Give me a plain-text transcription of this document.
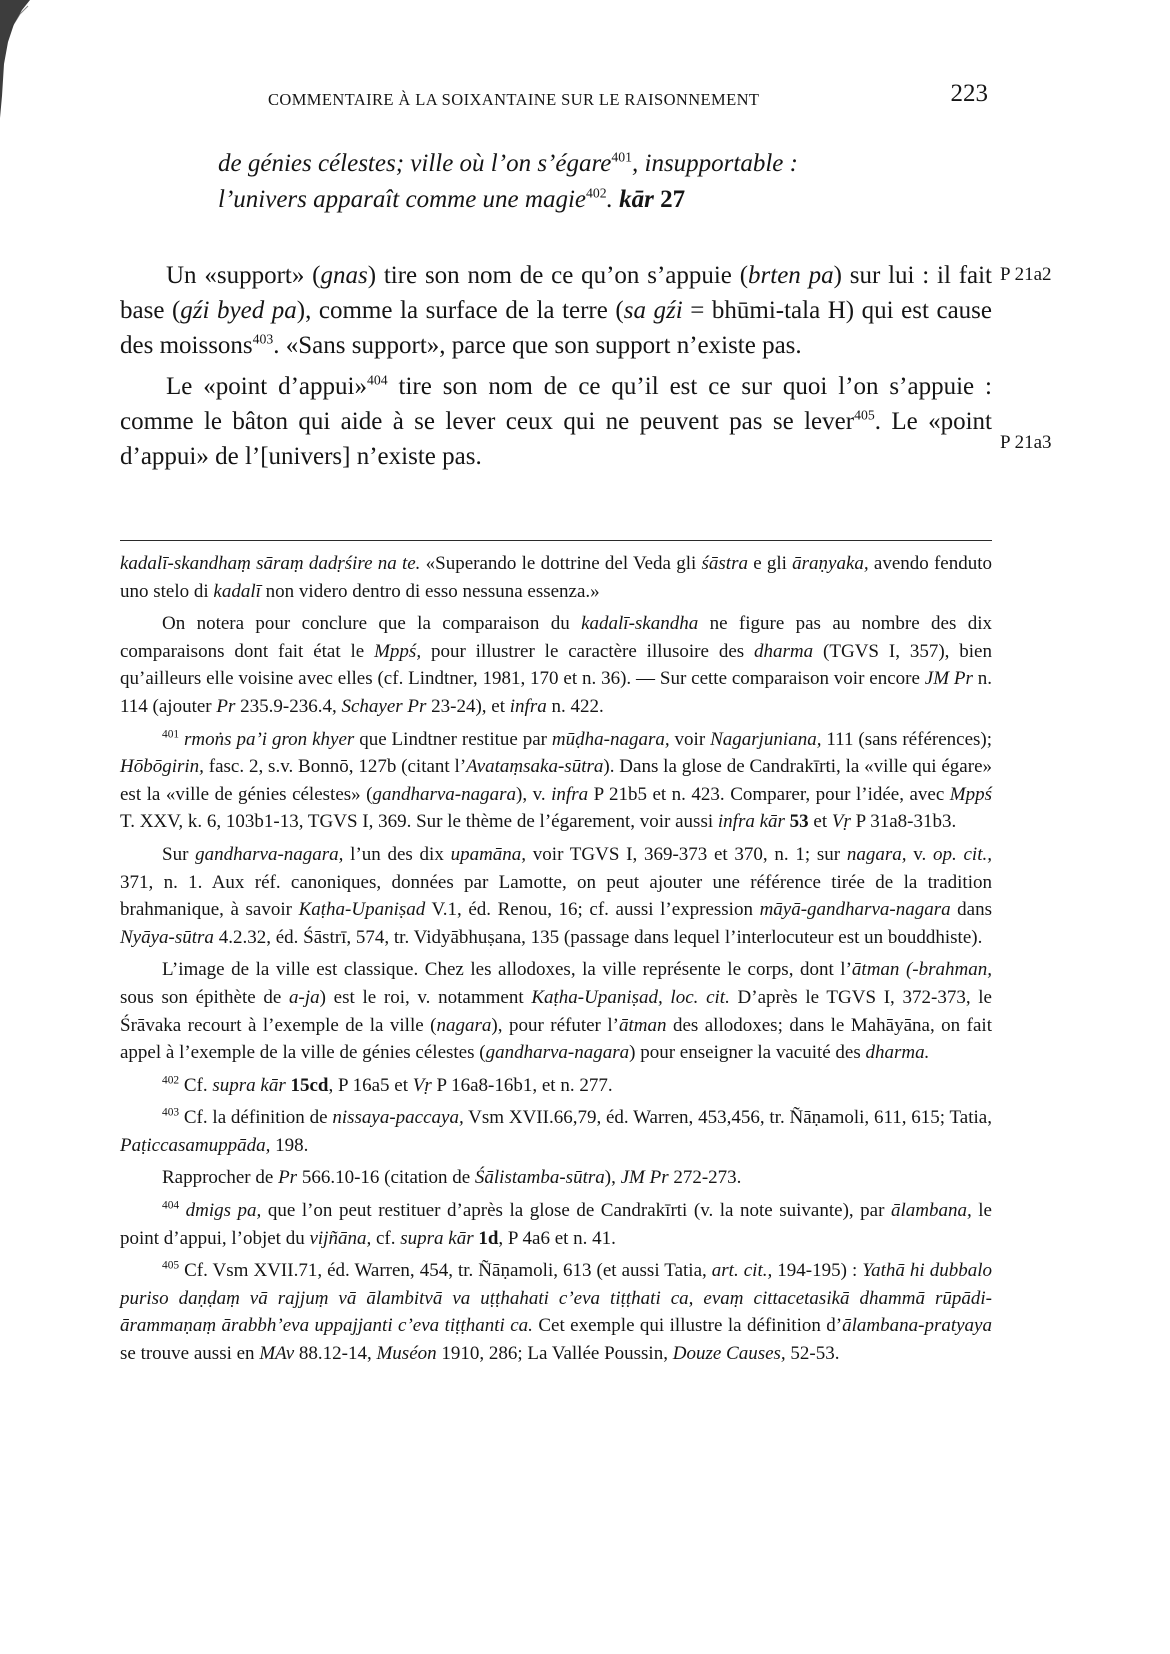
COMMENTAIRE À LA SOIXANTAINE SUR LE RAISONNEMENT	223

de génies célestes; ville où l’on s’égare$^{401}$, insupportable :

l’univers apparaît comme une magie$^{402}$. kār 27

Un «support» (gnas) tire son nom de ce qu’on s’appuie (brten pa) sur lui : il fait base (gźi byed pa), comme la surface de la terre (sa gźi = bhūmi-tala H) qui est cause des moissons$^{403}$. «Sans support», parce que son support n’existe pas.

Le «point d’appui»$^{404}$ tire son nom de ce qu’il est ce sur quoi l’on s’appuie : comme le bâton qui aide à se lever ceux qui ne peuvent pas se lever$^{405}$. Le «point d’appui» de l’[univers] n’existe pas.

P 21a2
P 21a3

kadalī-skandhaṃ sāraṃ dadṛśire na te. «Superando le dottrine del Veda gli śāstra e gli āraṇyaka, avendo fenduto uno stelo di kadalī non videro dentro di esso nessuna essenza.»

On notera pour conclure que la comparaison du kadalī-skandha ne figure pas au nombre des dix comparaisons dont fait état le Mppś, pour illustrer le caractère illusoire des dharma (TGVS I, 357), bien qu’ailleurs elle voisine avec elles (cf. Lindtner, 1981, 170 et n. 36). — Sur cette comparaison voir encore JM Pr n. 114 (ajouter Pr 235.9-236.4, Schayer Pr 23-24), et infra n. 422.

$^{401}$ rmoṅs pa’i gron khyer que Lindtner restitue par mūḍha-nagara, voir Nagarjuniana, 111 (sans références); Hōbōgirin, fasc. 2, s.v. Bonnō, 127b (citant l’Avataṃsaka-sūtra). Dans la glose de Candrakīrti, la «ville qui égare» est la «ville de génies célestes» (gandharva-nagara), v. infra P 21b5 et n. 423. Comparer, pour l’idée, avec Mppś T. XXV, k. 6, 103b1-13, TGVS I, 369. Sur le thème de l’égarement, voir aussi infra kār 53 et Vṛ P 31a8-31b3.

Sur gandharva-nagara, l’un des dix upamāna, voir TGVS I, 369-373 et 370, n. 1; sur nagara, v. op. cit., 371, n. 1. Aux réf. canoniques, données par Lamotte, on peut ajouter une référence tirée de la tradition brahmanique, à savoir Kaṭha-Upaniṣad V.1, éd. Renou, 16; cf. aussi l’expression māyā-gandharva-nagara dans Nyāya-sūtra 4.2.32, éd. Śāstrī, 574, tr. Vidyābhuṣana, 135 (passage dans lequel l’interlocuteur est un bouddhiste).

L’image de la ville est classique. Chez les allodoxes, la ville représente le corps, dont l’ātman (-brahman, sous son épithète de a-ja) est le roi, v. notamment Kaṭha-Upaniṣad, loc. cit. D’après le TGVS I, 372-373, le Śrāvaka recourt à l’exemple de la ville (nagara), pour réfuter l’ātman des allodoxes; dans le Mahāyāna, on fait appel à l’exemple de la ville de génies célestes (gandharva-nagara) pour enseigner la vacuité des dharma.

$^{402}$ Cf. supra kār 15cd, P 16a5 et Vṛ P 16a8-16b1, et n. 277.

$^{403}$ Cf. la définition de nissaya-paccaya, Vsm XVII.66,79, éd. Warren, 453,456, tr. Ñāṇamoli, 611, 615; Tatia, Paṭiccasamuppāda, 198.

Rapprocher de Pr 566.10-16 (citation de Śālistamba-sūtra), JM Pr 272-273.

$^{404}$ dmigs pa, que l’on peut restituer d’après la glose de Candrakīrti (v. la note suivante), par ālambana, le point d’appui, l’objet du vijñāna, cf. supra kār 1d, P 4a6 et n. 41.

$^{405}$ Cf. Vsm XVII.71, éd. Warren, 454, tr. Ñāṇamoli, 613 (et aussi Tatia, art. cit., 194-195) : Yathā hi dubbalo puriso daṇḍaṃ vā rajjuṃ vā ālambitvā va uṭṭhahati c’eva tiṭṭhati ca, evaṃ cittacetasikā dhammā rūpādi-ārammaṇaṃ ārabbh’eva uppajjanti c’eva tiṭṭhanti ca. Cet exemple qui illustre la définition d’ālambana-pratyaya se trouve aussi en MAv 88.12-14, Muséon 1910, 286; La Vallée Poussin, Douze Causes, 52-53.
